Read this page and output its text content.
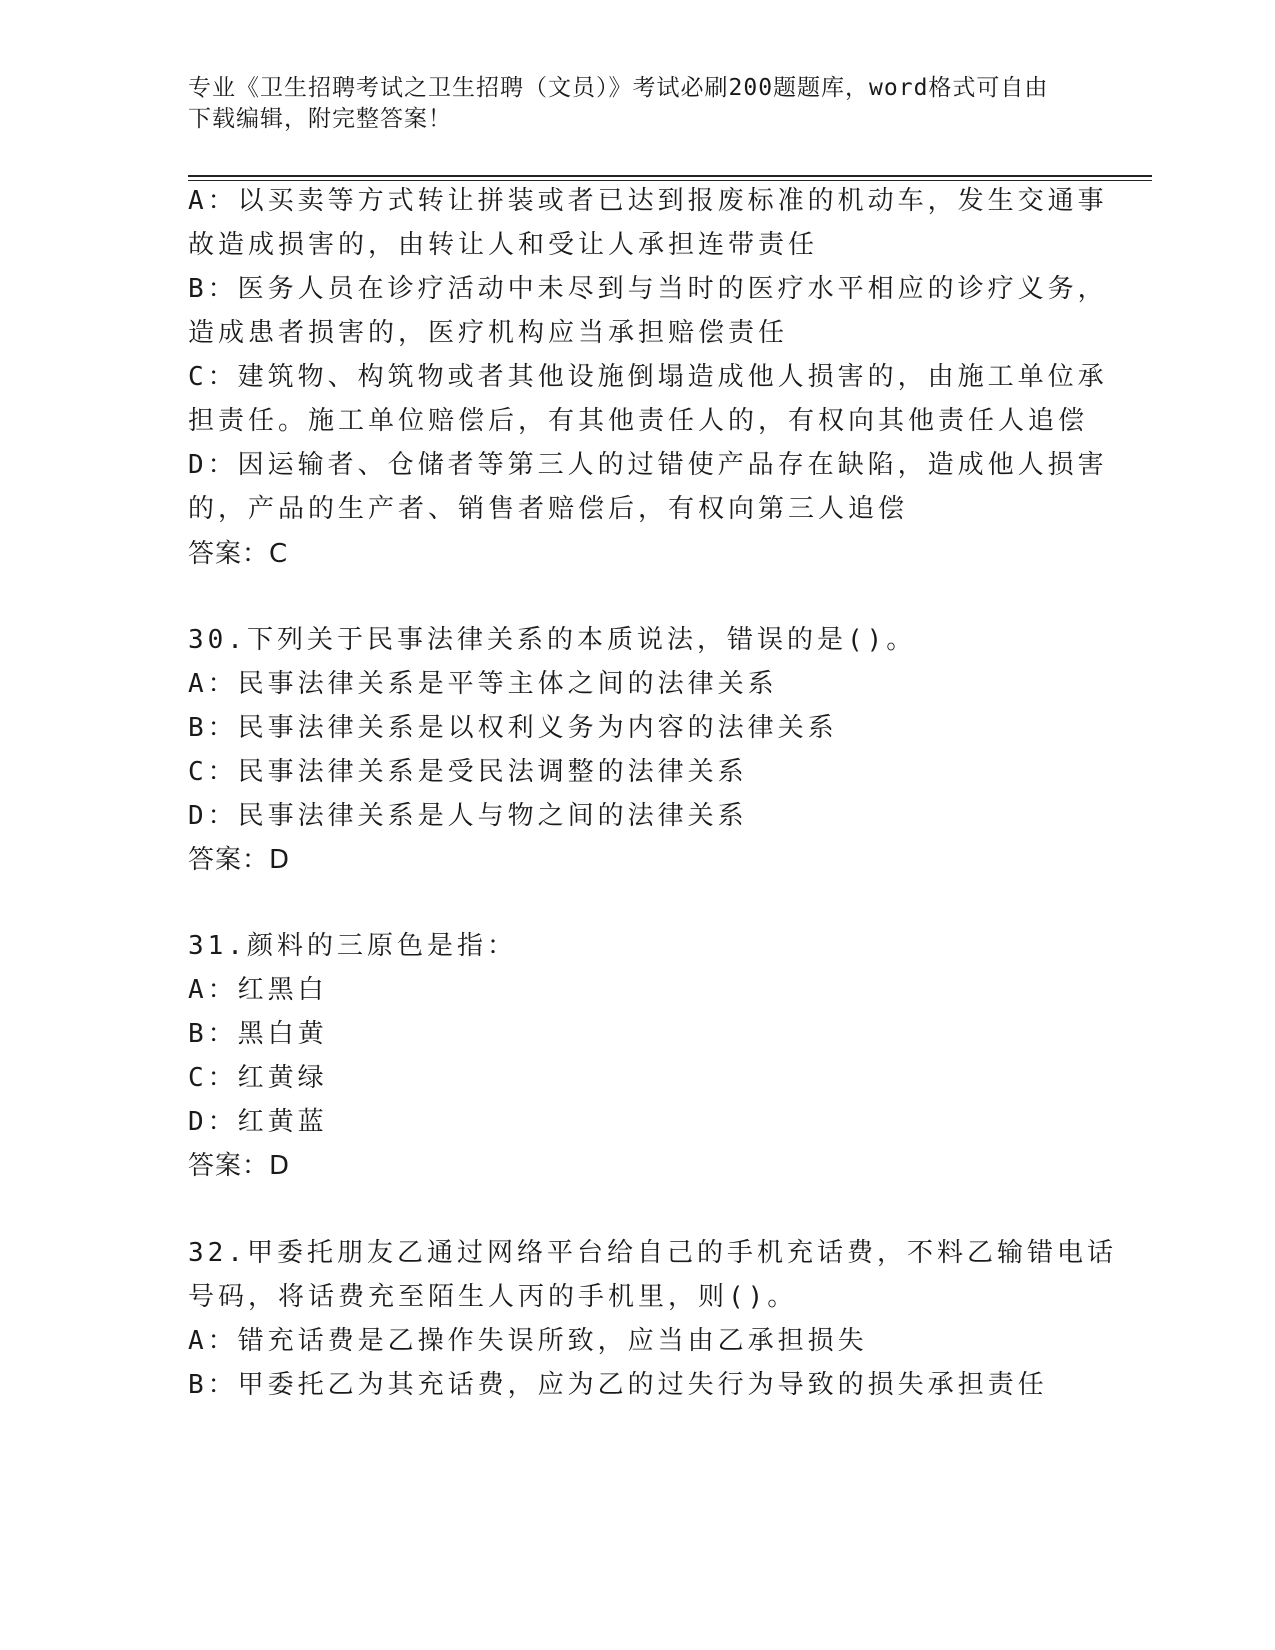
专业《卫生招聘考试之卫生招聘（文员）》考试必刷200题题库，word格式可自由下载编辑，附完整答案！
A：以买卖等方式转让拼装或者已达到报废标准的机动车，发生交通事
故造成损害的，由转让人和受让人承担连带责任
B：医务人员在诊疗活动中未尽到与当时的医疗水平相应的诊疗义务，
造成患者损害的，医疗机构应当承担赔偿责任
C：建筑物、构筑物或者其他设施倒塌造成他人损害的，由施工单位承
担责任。施工单位赔偿后，有其他责任人的，有权向其他责任人追偿
D：因运输者、仓储者等第三人的过错使产品存在缺陷，造成他人损害
的，产品的生产者、销售者赔偿后，有权向第三人追偿
答案：C
30.下列关于民事法律关系的本质说法，错误的是()。
A：民事法律关系是平等主体之间的法律关系
B：民事法律关系是以权利义务为内容的法律关系
C：民事法律关系是受民法调整的法律关系
D：民事法律关系是人与物之间的法律关系
答案：D
31.颜料的三原色是指：
A：红黑白
B：黑白黄
C：红黄绿
D：红黄蓝
答案：D
32.甲委托朋友乙通过网络平台给自己的手机充话费，不料乙输错电话
号码，将话费充至陌生人丙的手机里，则()。
A：错充话费是乙操作失误所致，应当由乙承担损失
B：甲委托乙为其充话费，应为乙的过失行为导致的损失承担责任
